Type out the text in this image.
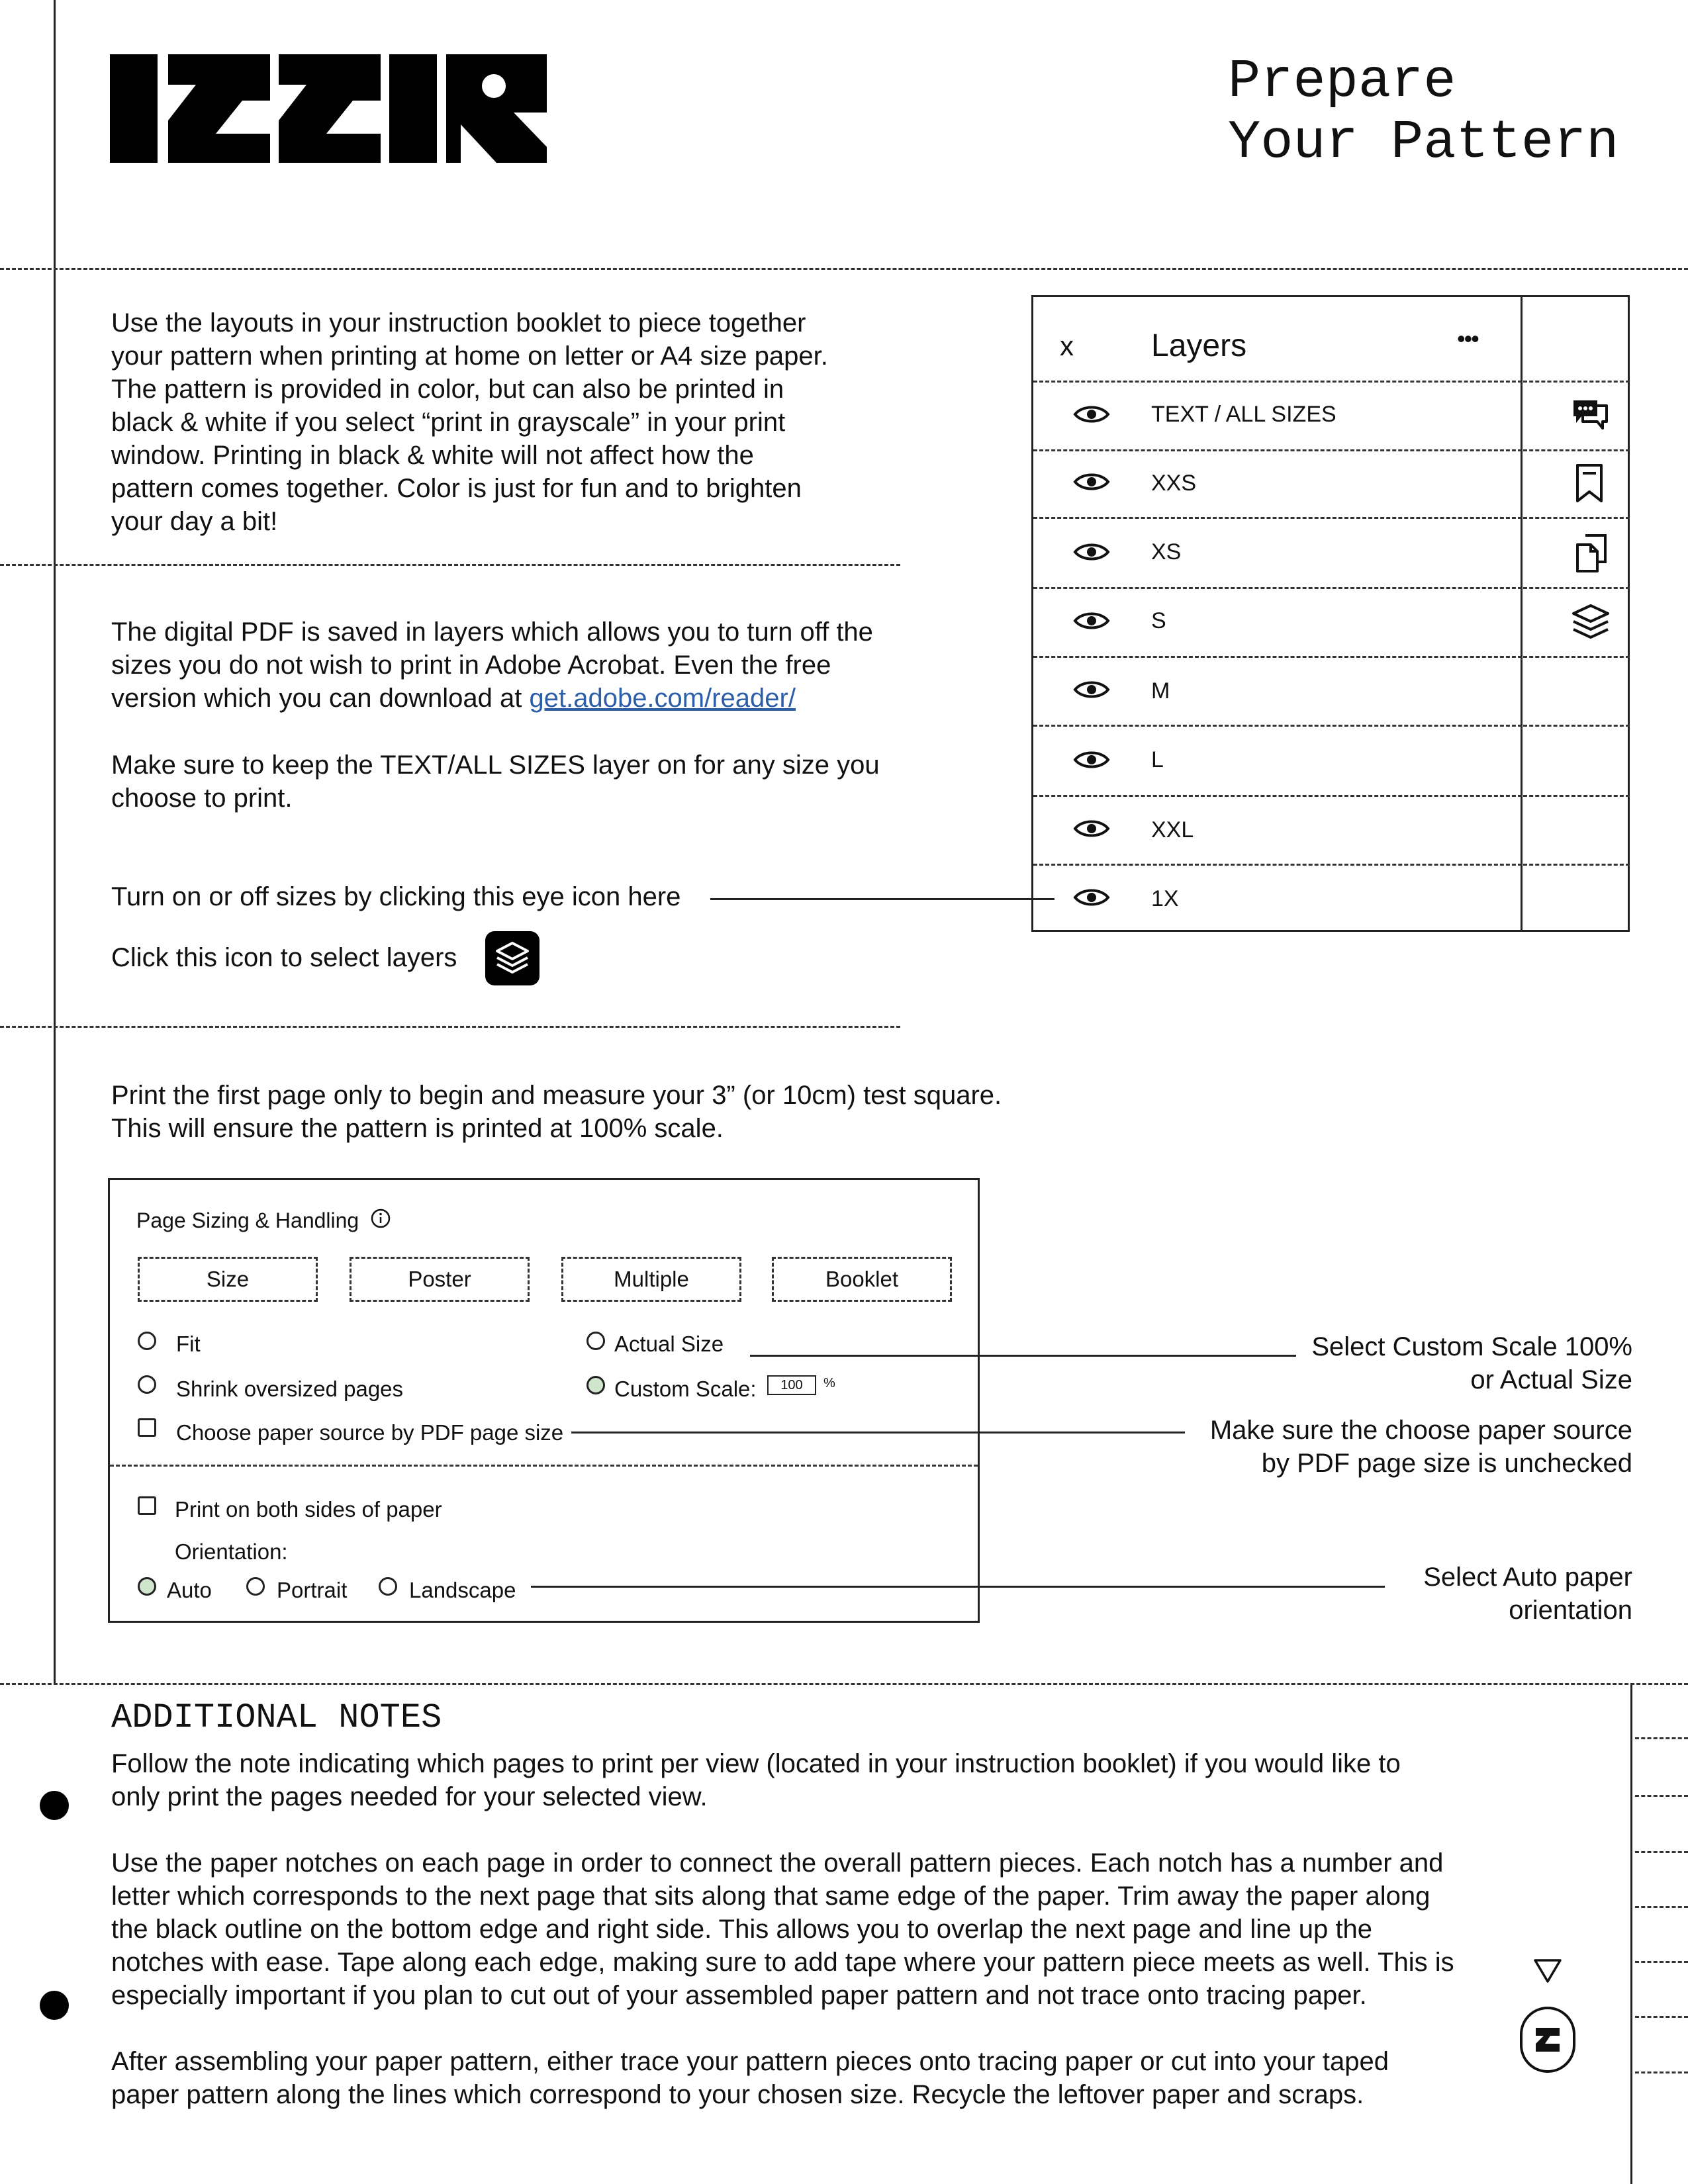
Prepare
Your Pattern
Use the layouts in your instruction booklet to piece together
your pattern when printing at home on letter or A4 size paper.
The pattern is provided in color, but can also be printed in
black & white if you select “print in grayscale” in your print
window. Printing in black & white will not affect how the
pattern comes together. Color is just for fun and to brighten
your day a bit!
The digital PDF is saved in layers which allows you to turn off the
sizes you do not wish to print in Adobe Acrobat. Even the free
version which you can download at get.adobe.com/reader/
Make sure to keep the TEXT/ALL SIZES layer on for any size you
choose to print.
Turn on or off sizes by clicking this eye icon here
Click this icon to select layers
x Layers	•••
TEXT / ALL SIZES
XXS
XS
S
M
L
XXL
1X
Print the first page only to begin and measure your 3” (or 10cm) test square.
This will ensure the pattern is printed at 100% scale.
Page Sizing & Handling
Size	Poster	Multiple	Booklet
Fit	Actual Size
Shrink oversized pages	Custom Scale:	100	%
Choose paper source by PDF page size
Print on both sides of paper
Orientation:
Auto	Portrait	Landscape
Select Custom Scale 100%
or Actual Size
Make sure the choose paper source
by PDF page size is unchecked
Select Auto paper
orientation
ADDITIONAL NOTES
Follow the note indicating which pages to print per view (located in your instruction booklet) if you would like to
only print the pages needed for your selected view.
Use the paper notches on each page in order to connect the overall pattern pieces. Each notch has a number and
letter which corresponds to the next page that sits along that same edge of the paper. Trim away the paper along
the black outline on the bottom edge and right side. This allows you to overlap the next page and line up the
notches with ease. Tape along each edge, making sure to add tape where your pattern piece meets as well. This is
especially important if you plan to cut out of your assembled paper pattern and not trace onto tracing paper.
After assembling your paper pattern, either trace your pattern pieces onto tracing paper or cut into your taped
paper pattern along the lines which correspond to your chosen size. Recycle the leftover paper and scraps.
